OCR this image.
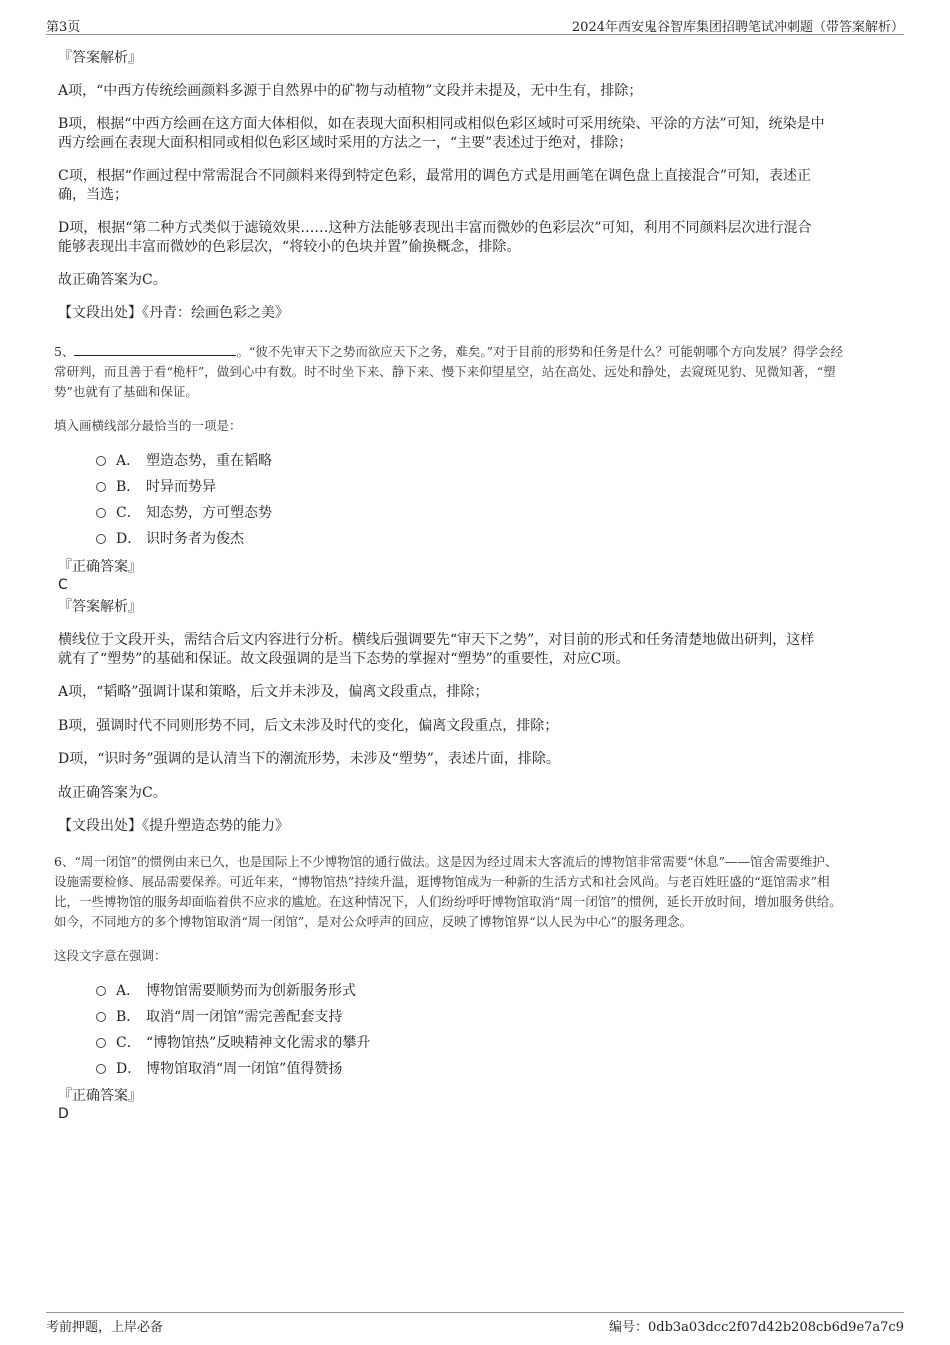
第3页	2024年西安鬼谷智库集团招聘笔试冲刺题（带答案解析）
『答案解析』
A项，“中西方传统绘画颜料多源于自然界中的矿物与动植物”文段并未提及，无中生有，排除；
B项，根据“中西方绘画在这方面大体相似，如在表现大面积相同或相似色彩区域时可采用统染、平涂的方法”可知，统染是中
西方绘画在表现大面积相同或相似色彩区域时采用的方法之一，“主要”表述过于绝对，排除；
C项，根据“作画过程中常需混合不同颜料来得到特定色彩，最常用的调色方式是用画笔在调色盘上直接混合”可知，表述正
确，当选；
D项，根据“第二种方式类似于滤镜效果……这种方法能够表现出丰富而微妙的色彩层次”可知，利用不同颜料层次进行混合
能够表现出丰富而微妙的色彩层次，“将较小的色块并置”偷换概念，排除。
故正确答案为C。
【文段出处】《丹青：绘画色彩之美》
5、	。“彼不先审天下之势而欲应天下之务，难矣。”对于目前的形势和任务是什么？可能朝哪个方向发展？得学会经
常研判，而且善于看“桅杆”，做到心中有数。时不时坐下来、静下来、慢下来仰望星空，站在高处、远处和静处，去窥斑见豹、见微知著，“塑
势”也就有了基础和保证。
填入画横线部分最恰当的一项是：
A． 塑造态势，重在韬略
B． 时异而势异
C． 知态势，方可塑态势
D． 识时务者为俊杰
『正确答案』
C
『答案解析』
横线位于文段开头，需结合后文内容进行分析。横线后强调要先“审天下之势”，对目前的形式和任务清楚地做出研判，这样
就有了“塑势”的基础和保证。故文段强调的是当下态势的掌握对“塑势”的重要性，对应C项。
A项，“韬略”强调计谋和策略，后文并未涉及，偏离文段重点，排除；
B项，强调时代不同则形势不同，后文未涉及时代的变化，偏离文段重点，排除；
D项，“识时务”强调的是认清当下的潮流形势，未涉及“塑势”，表述片面，排除。
故正确答案为C。
【文段出处】《提升塑造态势的能力》
6、“周一闭馆”的惯例由来已久，也是国际上不少博物馆的通行做法。这是因为经过周末大客流后的博物馆非常需要“休息”——馆舍需要维护、
设施需要检修、展品需要保养。可近年来，“博物馆热”持续升温，逛博物馆成为一种新的生活方式和社会风尚。与老百姓旺盛的“逛馆需求”相
比，一些博物馆的服务却面临着供不应求的尴尬。在这种情况下，人们纷纷呼吁博物馆取消“周一闭馆”的惯例，延长开放时间，增加服务供给。
如今，不同地方的多个博物馆取消“周一闭馆”，是对公众呼声的回应，反映了博物馆界“以人民为中心”的服务理念。
这段文字意在强调：
A． 博物馆需要顺势而为创新服务形式
B． 取消“周一闭馆”需完善配套支持
C． “博物馆热”反映精神文化需求的攀升
D． 博物馆取消“周一闭馆”值得赞扬
『正确答案』
D
考前押题，上岸必备	编号：0db3a03dcc2f07d42b208cb6d9e7a7c9
